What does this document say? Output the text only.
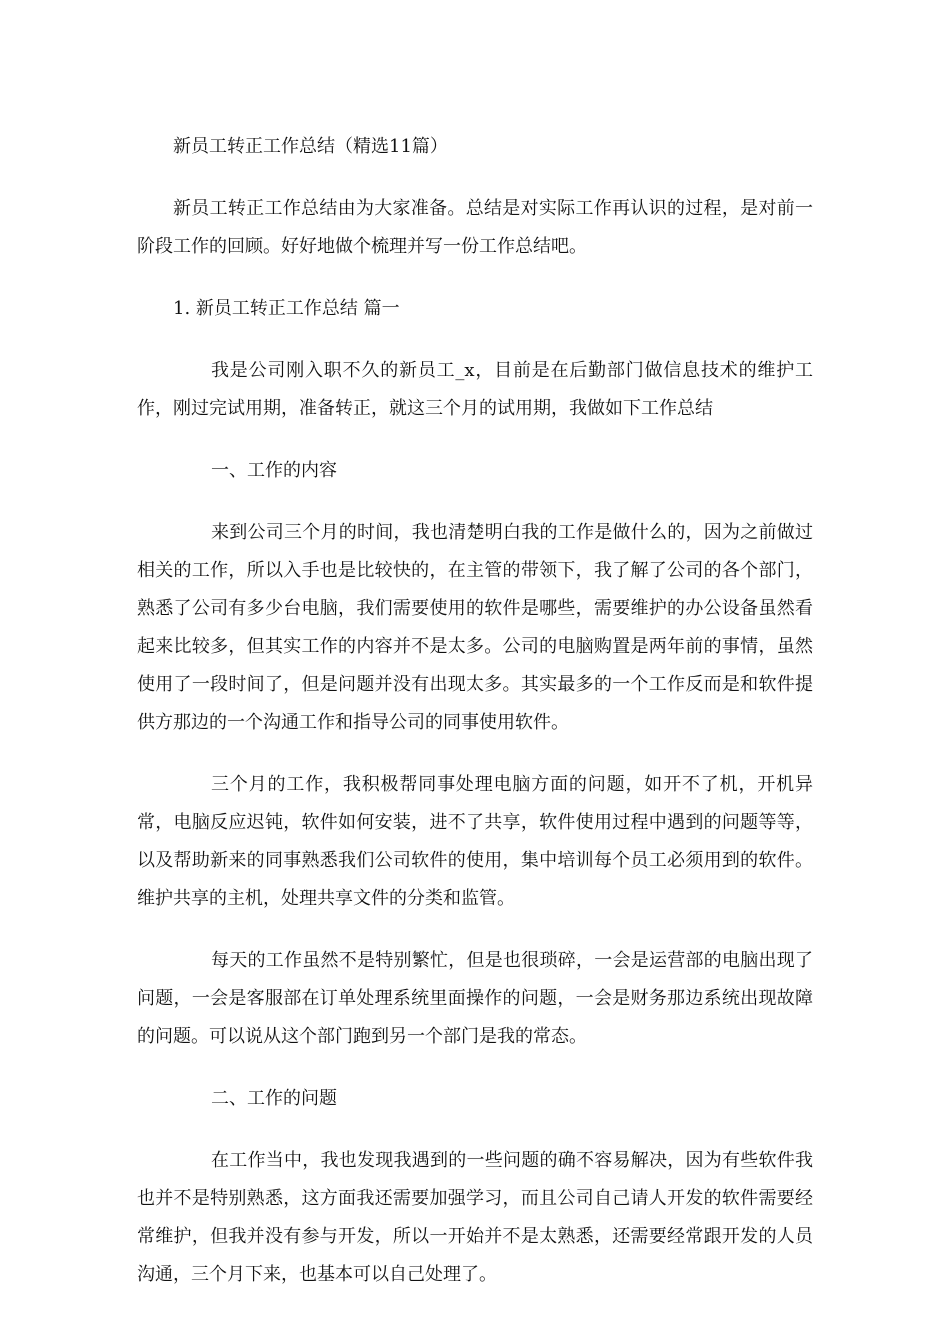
新员工转正工作总结（精选11篇）

新员工转正工作总结由为大家准备。总结是对实际工作再认识的过程，是对前一阶段工作的回顾。好好地做个梳理并写一份工作总结吧。

1. 新员工转正工作总结 篇一

我是公司刚入职不久的新员工_x，目前是在后勤部门做信息技术的维护工作，刚过完试用期，准备转正，就这三个月的试用期，我做如下工作总结

一、工作的内容

来到公司三个月的时间，我也清楚明白我的工作是做什么的，因为之前做过相关的工作，所以入手也是比较快的，在主管的带领下，我了解了公司的各个部门，熟悉了公司有多少台电脑，我们需要使用的软件是哪些，需要维护的办公设备虽然看起来比较多，但其实工作的内容并不是太多。公司的电脑购置是两年前的事情，虽然使用了一段时间了，但是问题并没有出现太多。其实最多的一个工作反而是和软件提供方那边的一个沟通工作和指导公司的同事使用软件。

三个月的工作，我积极帮同事处理电脑方面的问题，如开不了机，开机异常，电脑反应迟钝，软件如何安装，进不了共享，软件使用过程中遇到的问题等等，以及帮助新来的同事熟悉我们公司软件的使用，集中培训每个员工必须用到的软件。维护共享的主机，处理共享文件的分类和监管。

每天的工作虽然不是特别繁忙，但是也很琐碎，一会是运营部的电脑出现了问题，一会是客服部在订单处理系统里面操作的问题，一会是财务那边系统出现故障的问题。可以说从这个部门跑到另一个部门是我的常态。

二、工作的问题

在工作当中，我也发现我遇到的一些问题的确不容易解决，因为有些软件我也并不是特别熟悉，这方面我还需要加强学习，而且公司自己请人开发的软件需要经常维护，但我并没有参与开发，所以一开始并不是太熟悉，还需要经常跟开发的人员沟通，三个月下来，也基本可以自己处理了。
